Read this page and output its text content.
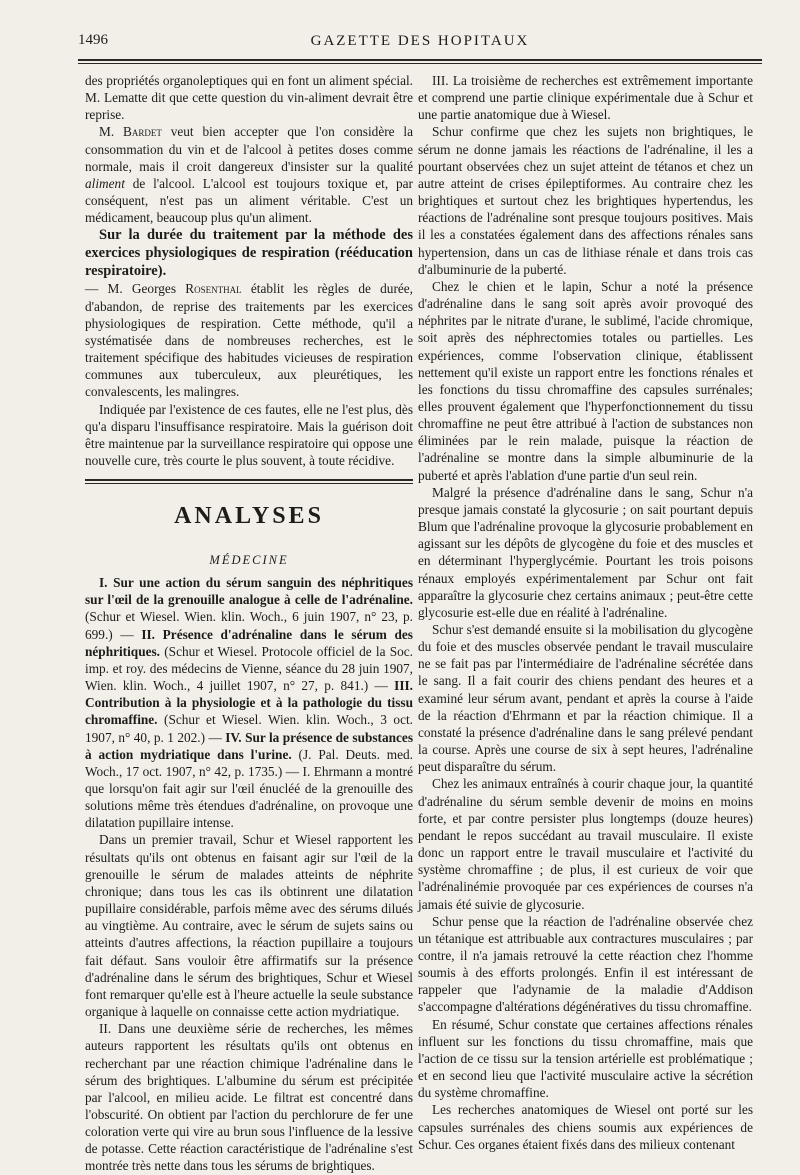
1496	GAZETTE DES HOPITAUX

des propriétés organoleptiques qui en font un aliment spécial. M. Lematte dit que cette question du vin-aliment devrait être reprise.

M. Bardet veut bien accepter que l'on considère la consommation du vin et de l'alcool à petites doses comme normale, mais il croit dangereux d'insister sur la qualité aliment de l'alcool. L'alcool est toujours toxique et, par conséquent, n'est pas un aliment véritable. C'est un médicament, beaucoup plus qu'un aliment.

Sur la durée du traitement par la méthode des exercices physiologiques de respiration (rééducation respiratoire).

— M. Georges Rosenthal établit les règles de durée, d'abandon, de reprise des traitements par les exercices physiologiques de respiration. Cette méthode, qu'il a systématisée dans de nombreuses recherches, est le traitement spécifique des habitudes vicieuses de respiration communes aux tuberculeux, aux pleurétiques, les convalescents, les malingres.

Indiquée par l'existence de ces fautes, elle ne l'est plus, dès qu'a disparu l'insuffisance respiratoire. Mais la guérison doit être maintenue par la surveillance respiratoire qui oppose une nouvelle cure, très courte le plus souvent, à toute récidive.

ANALYSES
MÉDECINE

I. Sur une action du sérum sanguin des néphritiques sur l'œil de la grenouille analogue à celle de l'adrénaline. (Schur et Wiesel. Wien. klin. Woch., 6 juin 1907, n° 23, p. 699.) — II. Présence d'adrénaline dans le sérum des néphritiques. (Schur et Wiesel. Protocole officiel de la Soc. imp. et roy. des médecins de Vienne, séance du 28 juin 1907, Wien. klin. Woch., 4 juillet 1907, n° 27, p. 841.) — III. Contribution à la physiologie et à la pathologie du tissu chromaffine. (Schur et Wiesel. Wien. klin. Woch., 3 oct. 1907, n° 40, p. 1 202.) — IV. Sur la présence de substances à action mydriatique dans l'urine. (J. Pal. Deuts. med. Woch., 17 oct. 1907, n° 42, p. 1735.) — I. Ehrmann a montré que lorsqu'on fait agir sur l'œil énucléé de la grenouille des solutions même très étendues d'adrénaline, on provoque une dilatation pupillaire intense.

Dans un premier travail, Schur et Wiesel rapportent les résultats qu'ils ont obtenus en faisant agir sur l'œil de la grenouille le sérum de malades atteints de néphrite chronique; dans tous les cas ils obtinrent une dilatation pupillaire considérable, parfois même avec des sérums dilués au vingtième. Au contraire, avec le sérum de sujets sains ou atteints d'autres affections, la réaction pupillaire a toujours fait défaut. Sans vouloir être affirmatifs sur la présence d'adrénaline dans le sérum des brightiques, Schur et Wiesel font remarquer qu'elle est à l'heure actuelle la seule substance organique à laquelle on connaisse cette action mydriatique.

II. Dans une deuxième série de recherches, les mêmes auteurs rapportent les résultats qu'ils ont obtenus en recherchant par une réaction chimique l'adrénaline dans le sérum des brightiques. L'albumine du sérum est précipitée par l'alcool, en milieu acide. Le filtrat est concentré dans l'obscurité. On obtient par l'action du perchlorure de fer une coloration verte qui vire au brun sous l'influence de la lessive de potasse. Cette réaction caractéristique de l'adrénaline s'est montrée très nette dans tous les sérums de brightiques.

III. La troisième de recherches est extrêmement importante et comprend une partie clinique expérimentale due à Schur et une partie anatomique due à Wiesel.

Schur confirme que chez les sujets non brightiques, le sérum ne donne jamais les réactions de l'adrénaline, il les a pourtant observées chez un sujet atteint de tétanos et chez un autre atteint de crises épileptiformes. Au contraire chez les brightiques et surtout chez les brightiques hypertendus, les réactions de l'adrénaline sont presque toujours positives. Mais il les a constatées également dans des affections rénales sans hypertension, dans un cas de lithiase rénale et dans trois cas d'albuminurie de la puberté.

Chez le chien et le lapin, Schur a noté la présence d'adrénaline dans le sang soit après avoir provoqué des néphrites par le nitrate d'urane, le sublimé, l'acide chromique, soit après des néphrectomies totales ou partielles. Les expériences, comme l'observation clinique, établissent nettement qu'il existe un rapport entre les fonctions rénales et les fonctions du tissu chromaffine des capsules surrénales; elles prouvent également que l'hyperfonctionnement du tissu chromaffine ne peut être attribué à l'action de substances non éliminées par le rein malade, puisque la réaction de l'adrénaline se montre dans la simple albuminurie de la puberté et après l'ablation d'une partie d'un seul rein.

Malgré la présence d'adrénaline dans le sang, Schur n'a presque jamais constaté la glycosurie ; on sait pourtant depuis Blum que l'adrénaline provoque la glycosurie probablement en agissant sur les dépôts de glycogène du foie et des muscles et en déterminant l'hyperglycémie. Pourtant les trois poisons rénaux employés expérimentalement par Schur ont fait apparaître la glycosurie chez certains animaux ; peut-être cette glycosurie est-elle due en réalité à l'adrénaline.

Schur s'est demandé ensuite si la mobilisation du glycogène du foie et des muscles observée pendant le travail musculaire ne se fait pas par l'intermédiaire de l'adrénaline sécrétée dans le sang. Il a fait courir des chiens pendant des heures et a examiné leur sérum avant, pendant et après la course à l'aide de la réaction d'Ehrmann et par la réaction chimique. Il a constaté la présence d'adrénaline dans le sang prélevé pendant la course. Après une course de six à sept heures, l'adrénaline peut disparaître du sérum.

Chez les animaux entraînés à courir chaque jour, la quantité d'adrénaline du sérum semble devenir de moins en moins forte, et par contre persister plus longtemps (douze heures) pendant le repos succédant au travail musculaire. Il existe donc un rapport entre le travail musculaire et l'activité du système chromaffine ; de plus, il est curieux de voir que l'adrénalinémie provoquée par ces expériences de courses n'a jamais été suivie de glycosurie.

Schur pense que la réaction de l'adrénaline observée chez un tétanique est attribuable aux contractures musculaires ; par contre, il n'a jamais retrouvé la cette réaction chez l'homme soumis à des efforts prolongés. Enfin il est intéressant de rappeler que l'adynamie de la maladie d'Addison s'accompagne d'altérations dégénératives du tissu chromaffine.

En résumé, Schur constate que certaines affections rénales influent sur les fonctions du tissu chromaffine, mais que l'action de ce tissu sur la tension artérielle est problématique ; et en second lieu que l'activité musculaire active la sécrétion du système chromaffine.

Les recherches anatomiques de Wiesel ont porté sur les capsules surrénales des chiens soumis aux expériences de Schur. Ces organes étaient fixés dans des milieux contenant
